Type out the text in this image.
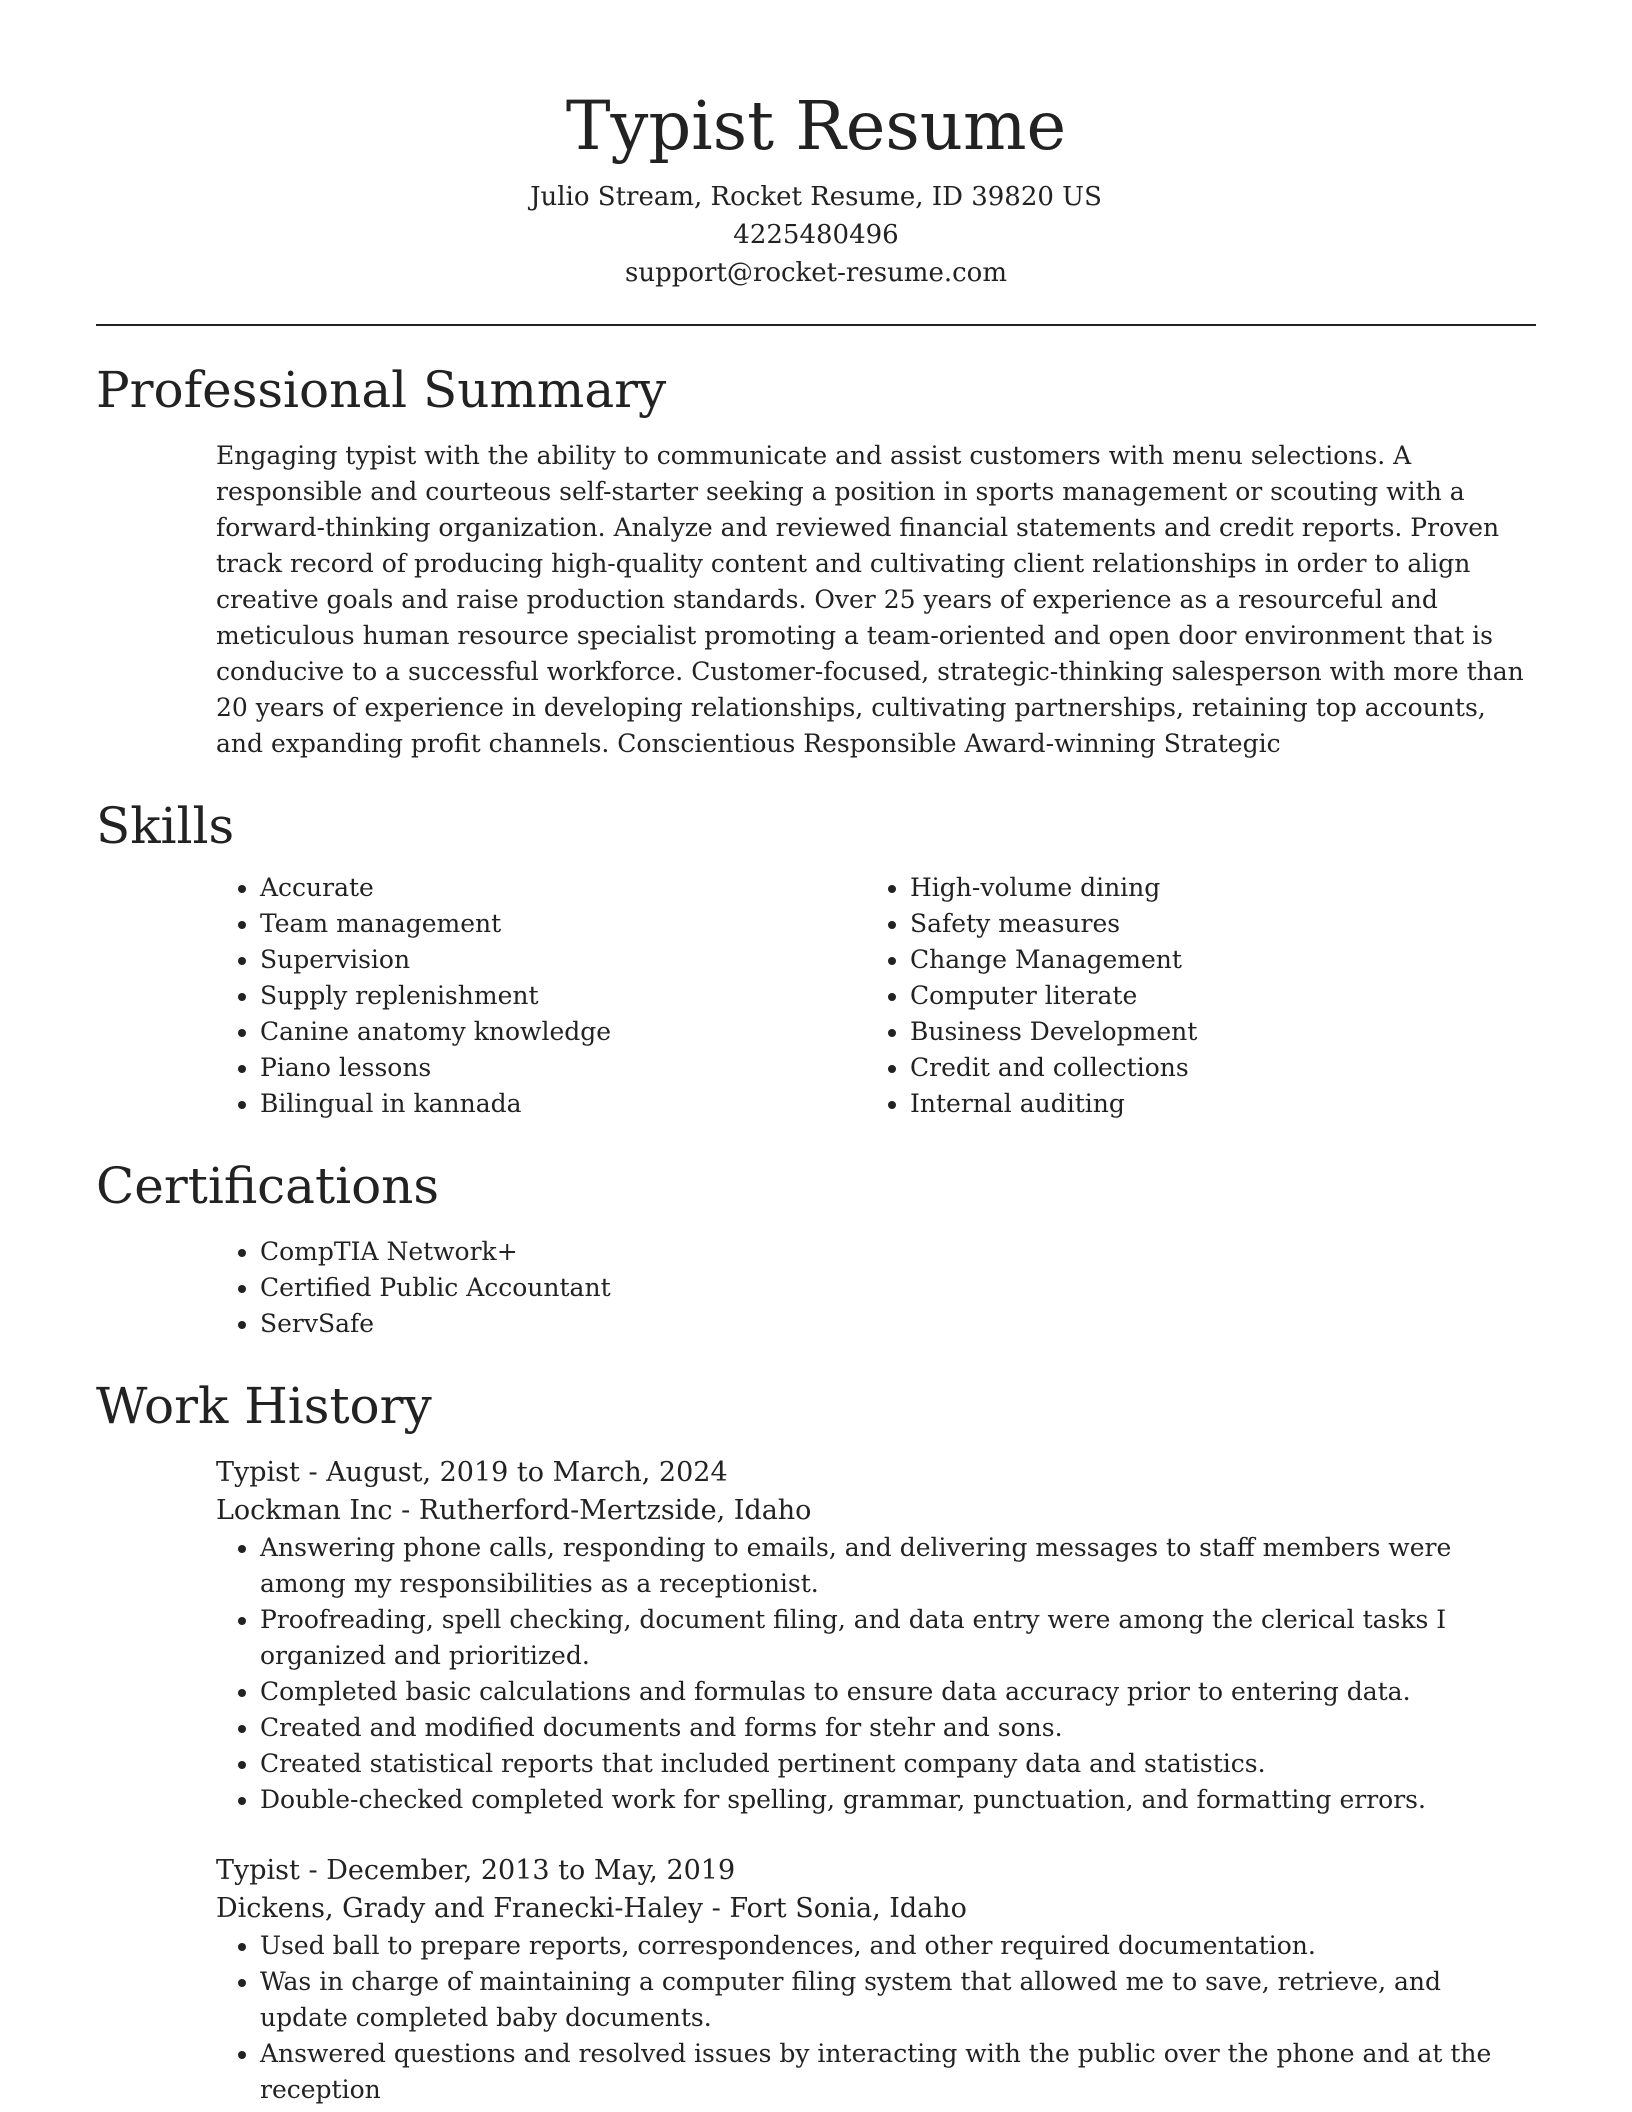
Typist Resume
Julio Stream, Rocket Resume, ID 39820 US
4225480496
support@rocket-resume.com
Professional Summary
Engaging typist with the ability to communicate and assist customers with menu selections. A responsible and courteous self-starter seeking a position in sports management or scouting with a forward-thinking organization. Analyze and reviewed financial statements and credit reports. Proven track record of producing high-quality content and cultivating client relationships in order to align creative goals and raise production standards. Over 25 years of experience as a resourceful and meticulous human resource specialist promoting a team-oriented and open door environment that is conducive to a successful workforce. Customer-focused, strategic-thinking salesperson with more than 20 years of experience in developing relationships, cultivating partnerships, retaining top accounts, and expanding profit channels. Conscientious Responsible Award-winning Strategic
Skills
• Accurate
• Team management
• Supervision
• Supply replenishment
• Canine anatomy knowledge
• Piano lessons
• Bilingual in kannada
• High-volume dining
• Safety measures
• Change Management
• Computer literate
• Business Development
• Credit and collections
• Internal auditing
Certifications
• CompTIA Network+
• Certified Public Accountant
• ServSafe
Work History
Typist - August, 2019 to March, 2024
Lockman Inc - Rutherford-Mertzside, Idaho
• Answering phone calls, responding to emails, and delivering messages to staff members were among my responsibilities as a receptionist.
• Proofreading, spell checking, document filing, and data entry were among the clerical tasks I organized and prioritized.
• Completed basic calculations and formulas to ensure data accuracy prior to entering data.
• Created and modified documents and forms for stehr and sons.
• Created statistical reports that included pertinent company data and statistics.
• Double-checked completed work for spelling, grammar, punctuation, and formatting errors.
Typist - December, 2013 to May, 2019
Dickens, Grady and Franecki-Haley - Fort Sonia, Idaho
• Used ball to prepare reports, correspondences, and other required documentation.
• Was in charge of maintaining a computer filing system that allowed me to save, retrieve, and update completed baby documents.
• Answered questions and resolved issues by interacting with the public over the phone and at the reception
